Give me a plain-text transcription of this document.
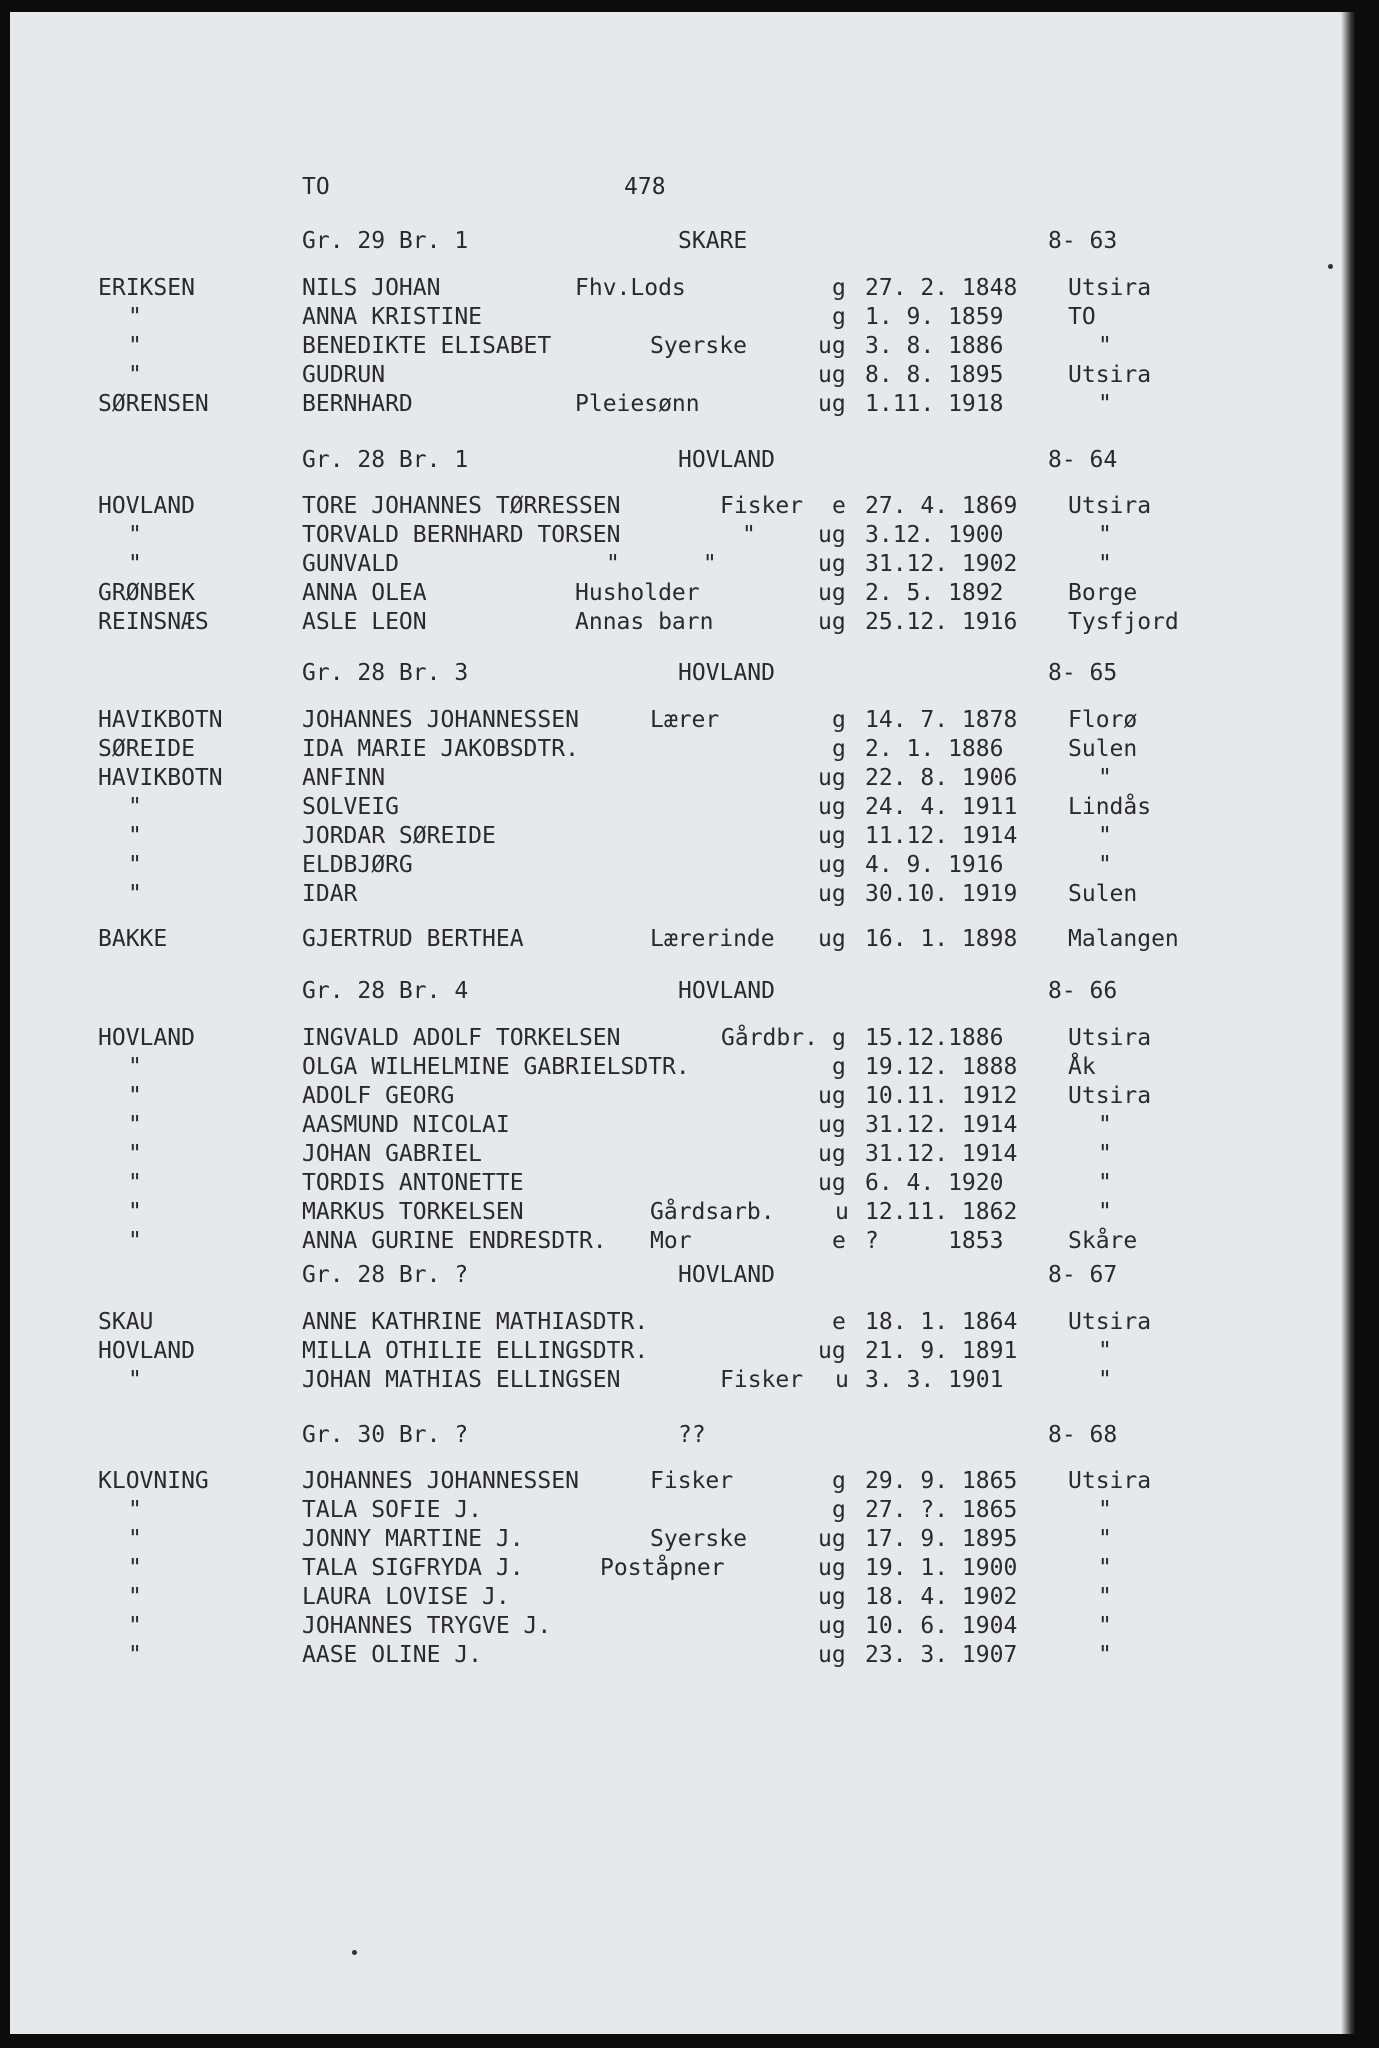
TO	478
Gr. 29 Br. 1	SKARE	8- 63
ERIKSEN	NILS JOHAN	Fhv.Lods	g 27. 2. 1848 Utsira
"	ANNA KRISTINE	g 1. 9. 1859	TO
"	BENEDIKTE ELISABET	Syerske	ug 3. 8. 1886	"
"	GUDRUN	ug 8. 8. 1895	Utsira
SØRENSEN	BERNHARD	Pleiesønn	ug 1.11. 1918	"
Gr. 28 Br. 1	HOVLAND	8- 64
HOVLAND	TORE JOHANNES TØRRESSEN	Fisker e 27. 4. 1869 Utsira
"	TORVALD BERNHARD TORSEN	"	ug 3.12. 1900	"
"	GUNVALD	"      "	ug 31.12. 1902	"
GRØNBEK	ANNA OLEA	Husholder	ug 2. 5. 1892	Borge
REINSNÆS	ASLE LEON	Annas barn	ug 25.12. 1916 Tysfjord
Gr. 28 Br. 3	HOVLAND	8- 65
HAVIKBOTN	JOHANNES JOHANNESSEN	Lærer	g 14. 7. 1878 Florø
SØREIDE	IDA MARIE JAKOBSDTR.	g 2. 1. 1886	Sulen
HAVIKBOTN	ANFINN	ug 22. 8. 1906	"
"	SOLVEIG	ug 24. 4. 1911 Lindås
"	JORDAR SØREIDE	ug 11.12. 1914	"
"	ELDBJØRG	ug 4. 9. 1916	"
"	IDAR	ug 30.10. 1919 Sulen
BAKKE	GJERTRUD BERTHEA	Lærerinde ug 16. 1. 1898 Malangen
Gr. 28 Br. 4	HOVLAND	8- 66
HOVLAND	INGVALD ADOLF TORKELSEN	Gårdbr. g 15.12.1886	Utsira
"	OLGA WILHELMINE GABRIELSDTR.	g 19.12. 1888 Åk
"	ADOLF GEORG	ug 10.11. 1912 Utsira
"	AASMUND NICOLAI	ug 31.12. 1914	"
"	JOHAN GABRIEL	ug 31.12. 1914	"
"	TORDIS ANTONETTE	ug 6. 4. 1920	"
"	MARKUS TORKELSEN	Gårdsarb.	u 12.11. 1862	"
"	ANNA GURINE ENDRESDTR. Mor	e ?     1853	Skåre
Gr. 28 Br. ?	HOVLAND	8- 67
SKAU	ANNE KATHRINE MATHIASDTR.	e 18. 1. 1864 Utsira
HOVLAND	MILLA OTHILIE ELLINGSDTR.	ug 21. 9. 1891	"
"	JOHAN MATHIAS ELLINGSEN	Fisker u 3. 3. 1901	"
Gr. 30 Br. ?	??	8- 68
KLOVNING	JOHANNES JOHANNESSEN	Fisker	g 29. 9. 1865 Utsira
"	TALA SOFIE J.	g 27. ?. 1865	"
"	JONNY MARTINE J.	Syerske	ug 17. 9. 1895	"
"	TALA SIGFRYDA J.	Poståpner	ug 19. 1. 1900	"
"	LAURA LOVISE J.	ug 18. 4. 1902	"
"	JOHANNES TRYGVE J.	ug 10. 6. 1904	"
"	AASE OLINE J.	ug 23. 3. 1907	"
